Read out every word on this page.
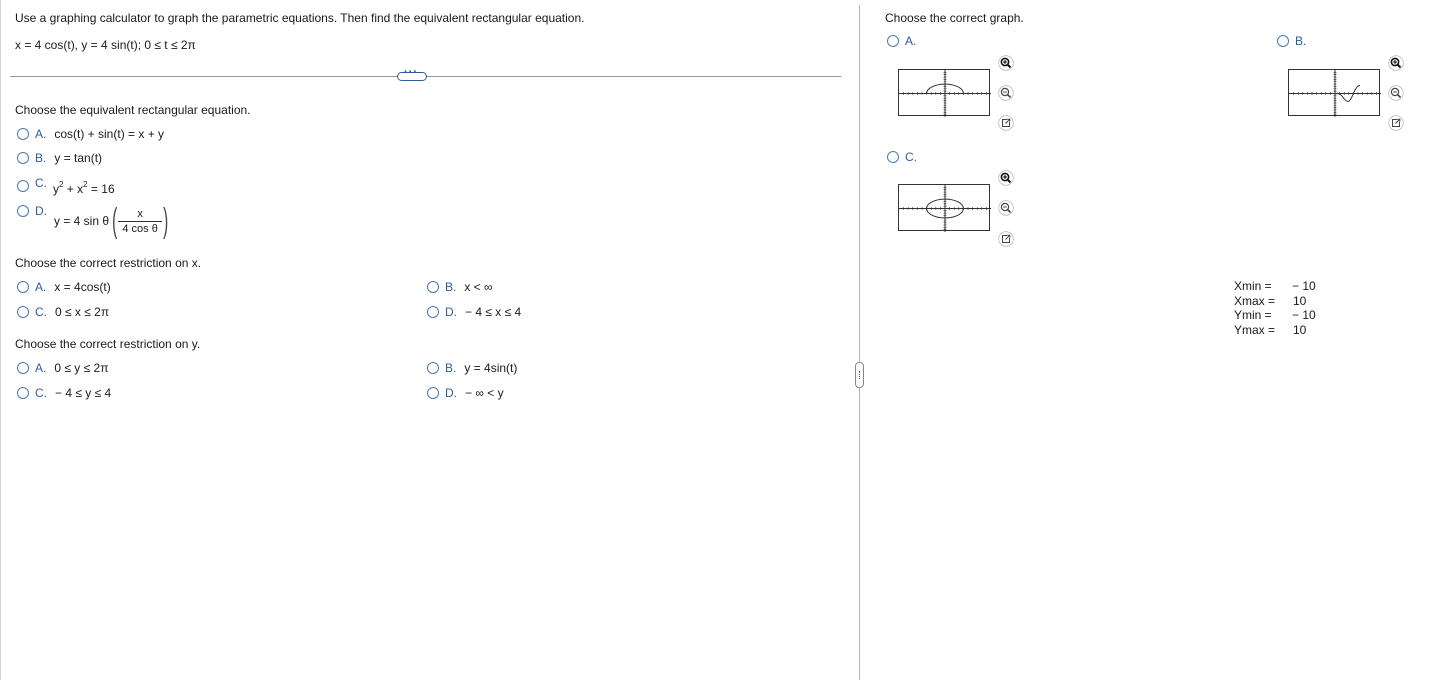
Use a graphing calculator to graph the parametric equations. Then find the equivalent rectangular equation.
x = 4 cos(t), y = 4 sin(t); 0 ≤ t ≤ 2π
···
Choose the equivalent rectangular equation.
A. cos(t) + sin(t) = x + y
B. y = tan(t)
C. $y^2 + x^2 = 16$
D.
y = 4 sin θ ( $\frac{x}{\text{4 cos θ}}$ )
Choose the correct restriction on x.
A. x = 4cos(t)	B. x < ∞
C. 0 ≤ x ≤ 2π	D. − 4 ≤ x ≤ 4
Choose the correct restriction on y.
A. 0 ≤ y ≤ 2π	B. y = 4sin(t)
C. − 4 ≤ y ≤ 4	D. − ∞ < y
Choose the correct graph.
A.	B.
C.
Xmin =	− 10
Xmax =	10
Ymin =	− 10
Ymax =	10
